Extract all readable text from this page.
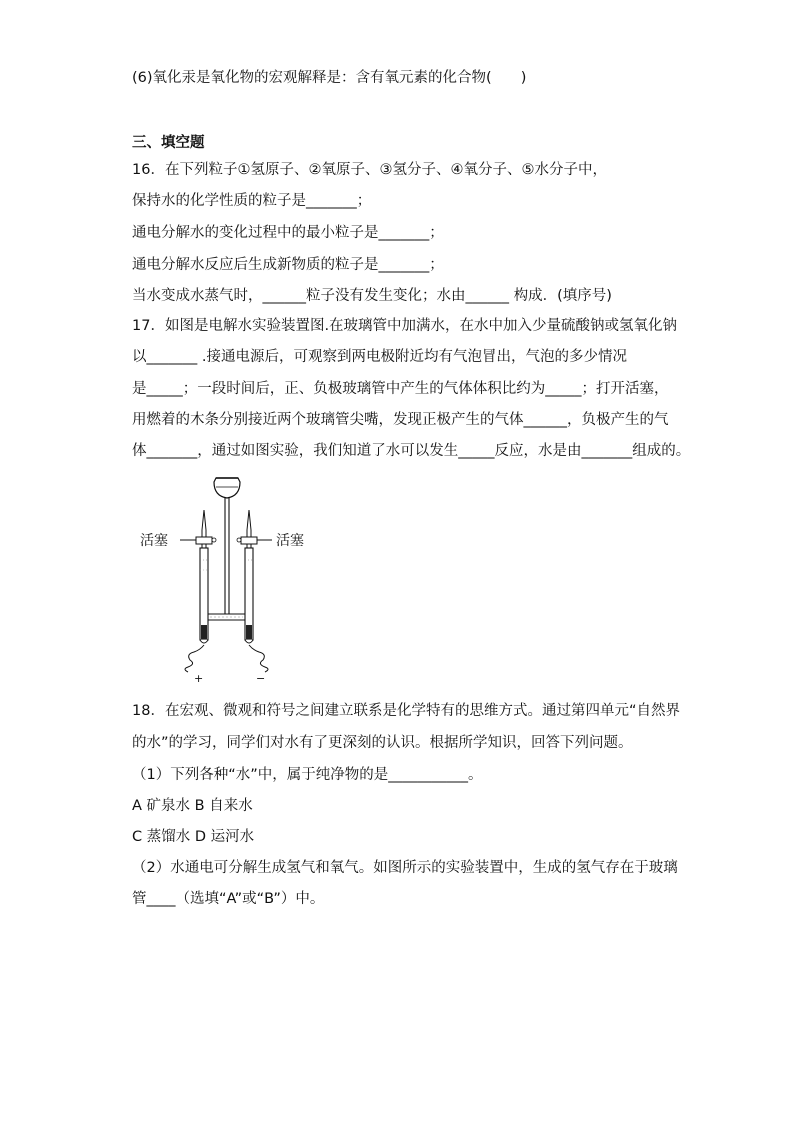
(6)氧化汞是氧化物的宏观解释是：含有氧元素的化合物(　　)
三、填空题
16．在下列粒子①氢原子、②氧原子、③氢分子、④氧分子、⑤水分子中，
保持水的化学性质的粒子是_______；
通电分解水的变化过程中的最小粒子是_______；
通电分解水反应后生成新物质的粒子是_______；
当水变成水蒸气时，______粒子没有发生变化；水由______ 构成．(填序号)
17．如图是电解水实验装置图.在玻璃管中加满水，在水中加入少量硫酸钠或氢氧化钠
以_______ .接通电源后，可观察到两电极附近均有气泡冒出，气泡的多少情况
是_____；一段时间后，正、负极玻璃管中产生的气体体积比约为_____；打开活塞，
用燃着的木条分别接近两个玻璃管尖嘴，发现正极产生的气体______，负极产生的气
体_______，通过如图实验，我们知道了水可以发生_____反应，水是由_______组成的。
活塞	活塞
+	−
18．在宏观、微观和符号之间建立联系是化学特有的思维方式。通过第四单元“自然界
的水”的学习，同学们对水有了更深刻的认识。根据所学知识，回答下列问题。
（1）下列各种“水”中，属于纯净物的是___________。
A 矿泉水 B 自来水
C 蒸馏水 D 运河水
（2）水通电可分解生成氢气和氧气。如图所示的实验装置中，生成的氢气存在于玻璃
管____（选填“A”或“B”）中。
